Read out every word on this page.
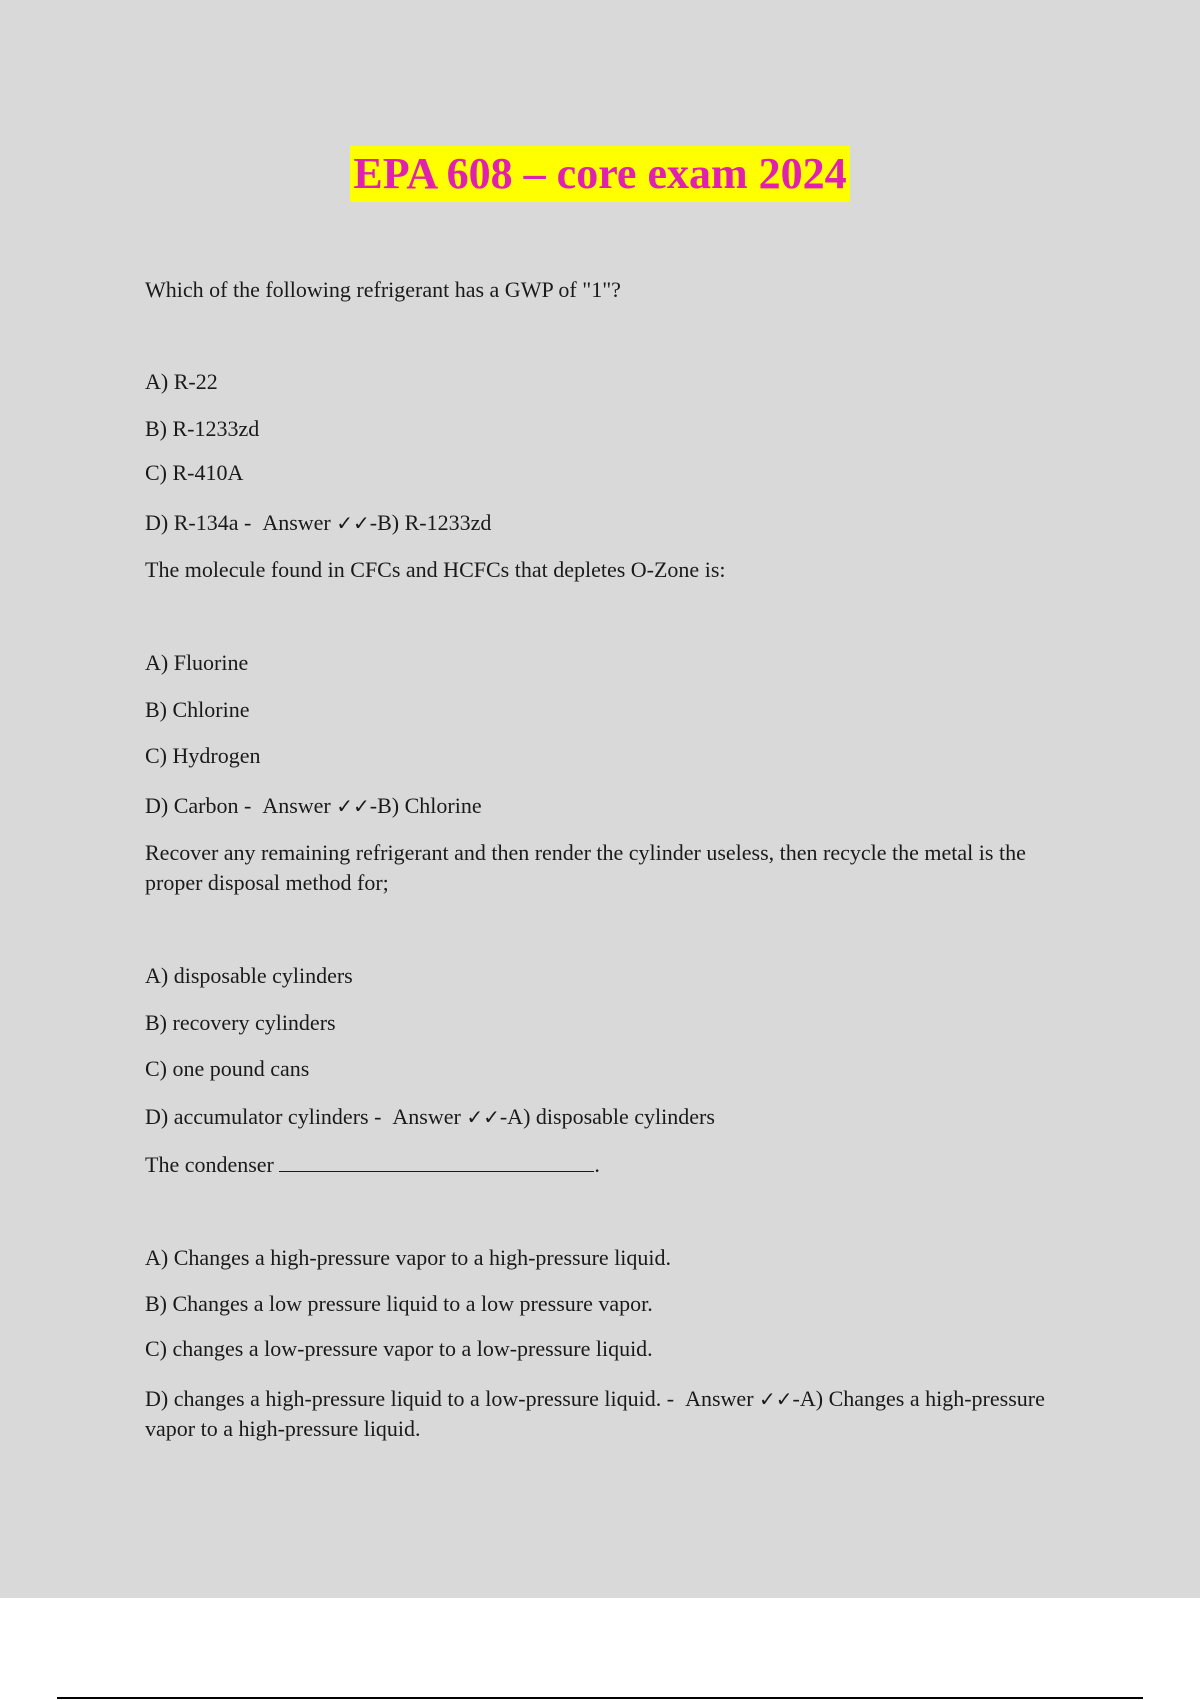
EPA 608 – core exam 2024
Which of the following refrigerant has a GWP of "1"?
A) R-22
B) R-1233zd
C) R-410A
D) R-134a - Answer ✓✓-B) R-1233zd
The molecule found in CFCs and HCFCs that depletes O-Zone is:
A) Fluorine
B) Chlorine
C) Hydrogen
D) Carbon - Answer ✓✓-B) Chlorine
Recover any remaining refrigerant and then render the cylinder useless, then recycle the metal is the proper disposal method for;
A) disposable cylinders
B) recovery cylinders
C) one pound cans
D) accumulator cylinders - Answer ✓✓-A) disposable cylinders
The condenser	.
A) Changes a high-pressure vapor to a high-pressure liquid.
B) Changes a low pressure liquid to a low pressure vapor.
C) changes a low-pressure vapor to a low-pressure liquid.
D) changes a high-pressure liquid to a low-pressure liquid. - Answer ✓✓-A) Changes a high-pressure vapor to a high-pressure liquid.
